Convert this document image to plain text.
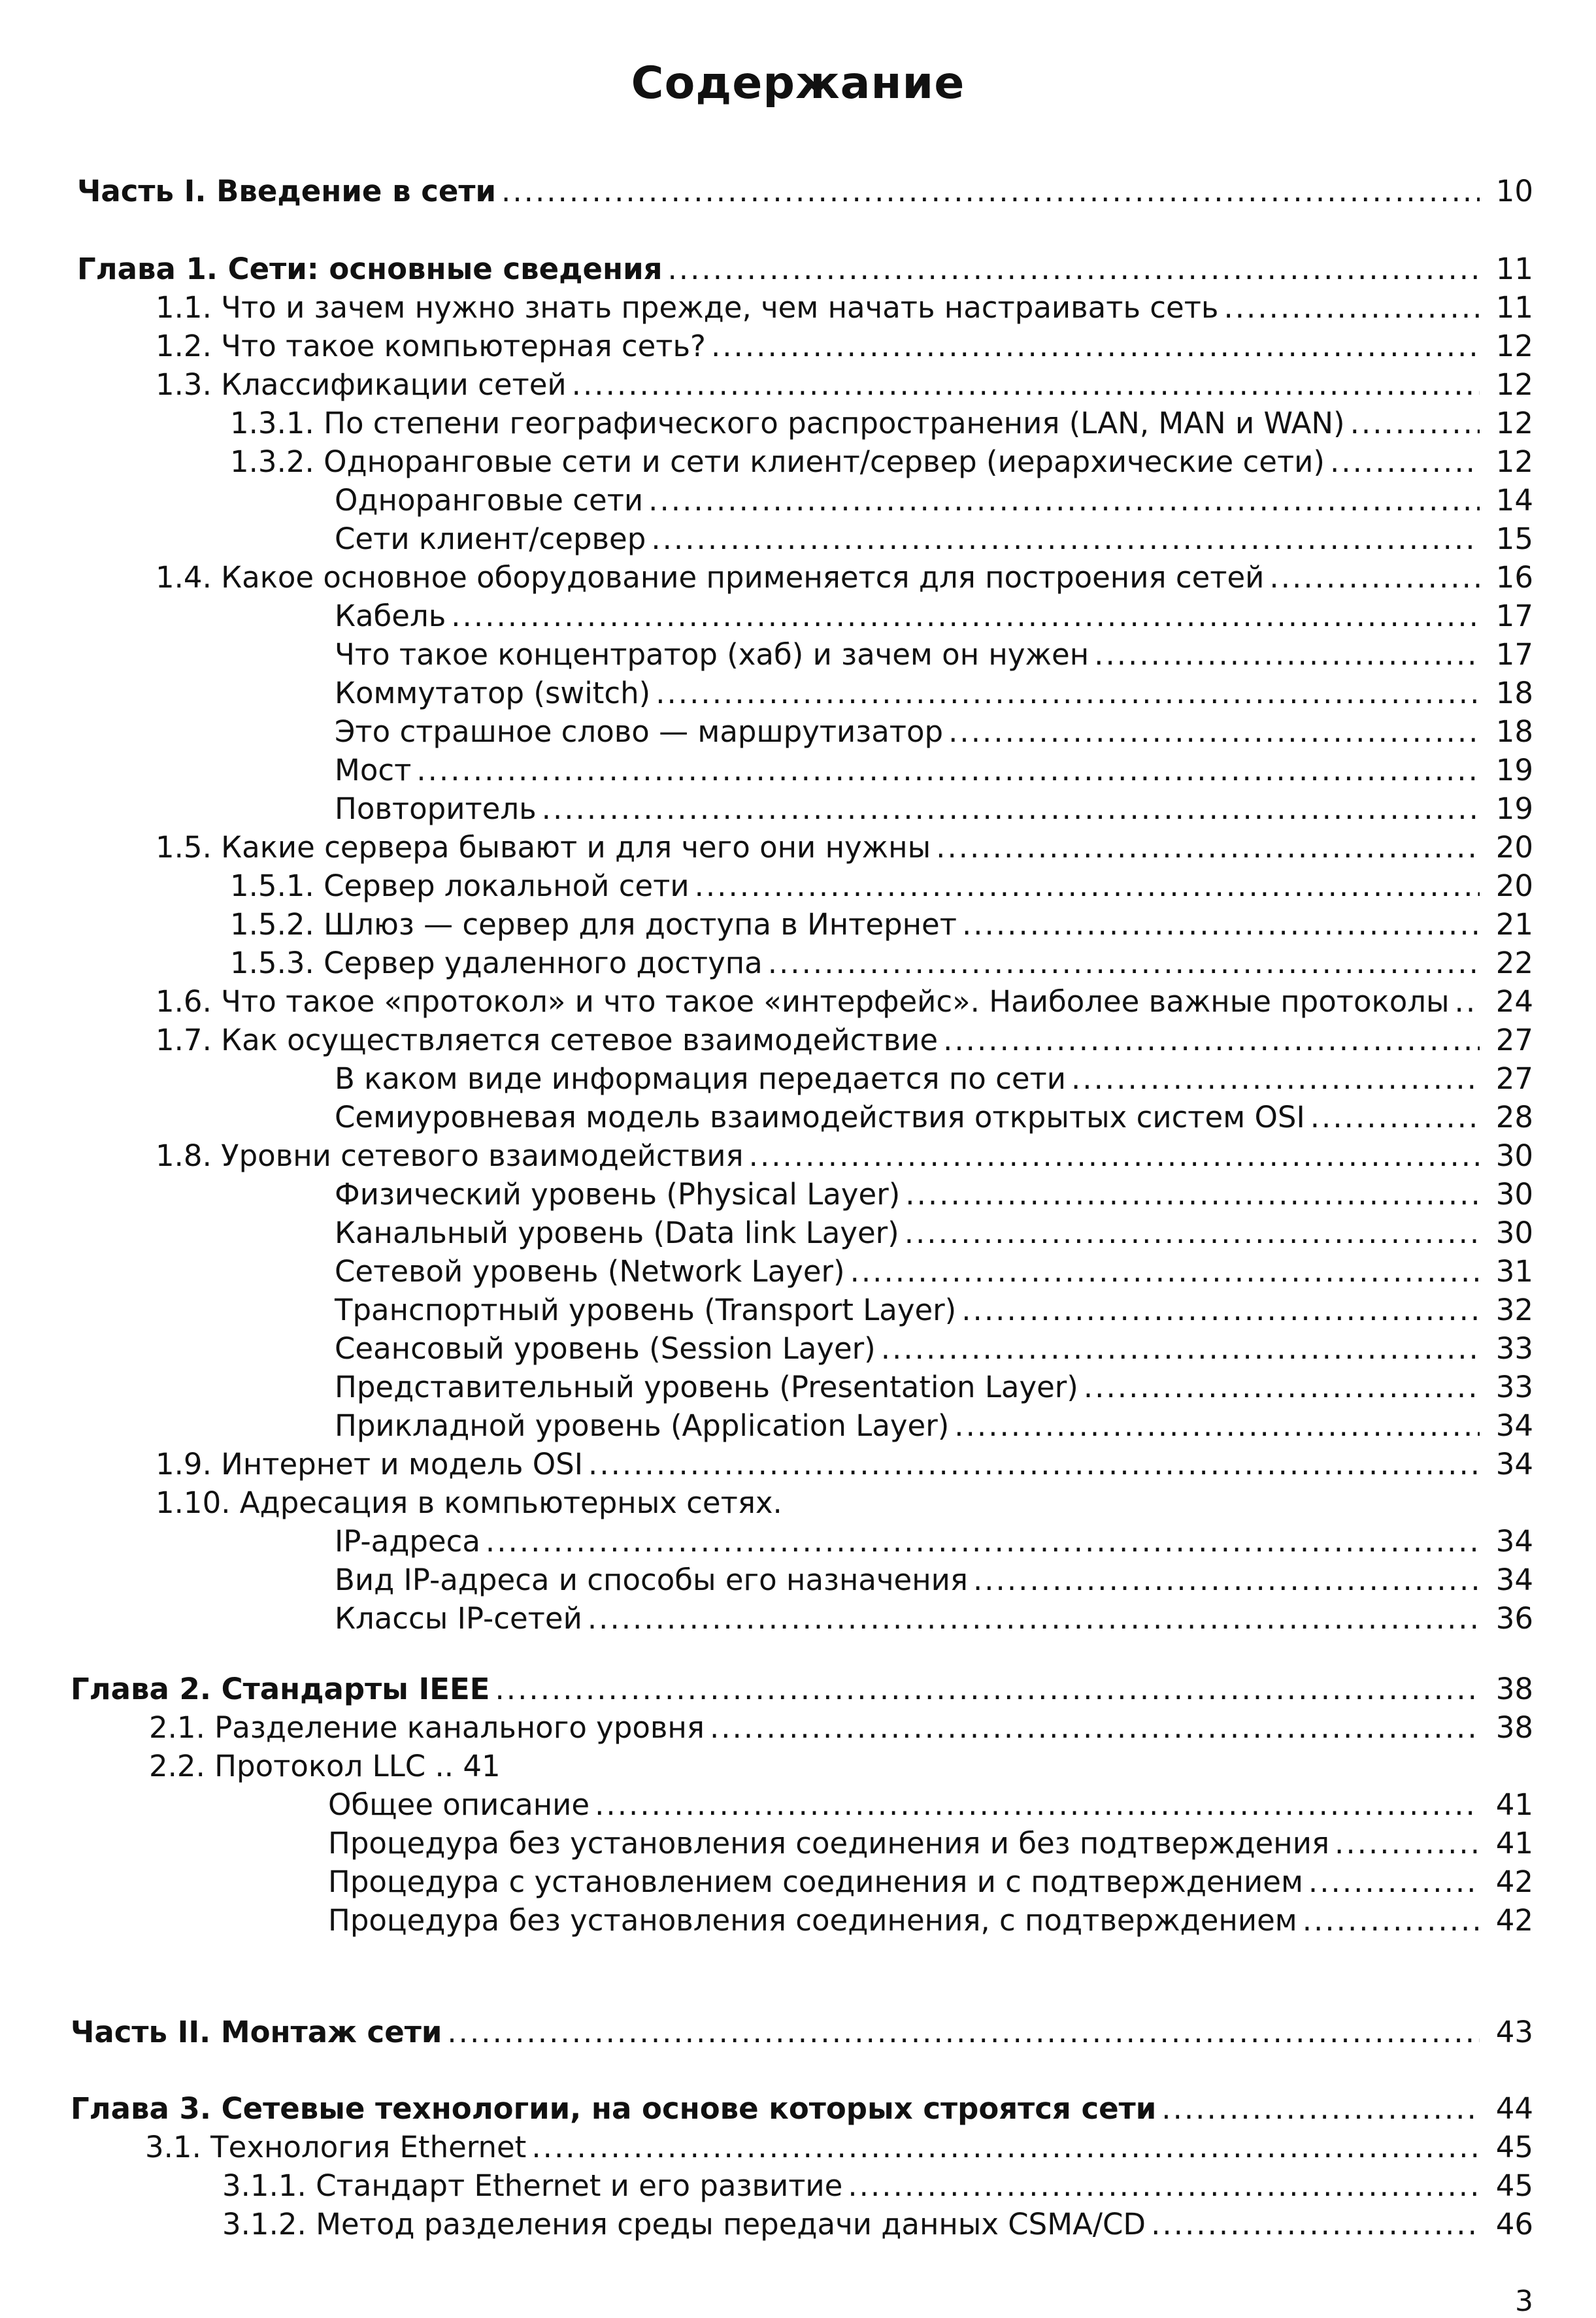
Содержание
Часть I. Введение в сети .....	10
Глава 1. Сети: основные сведения .....	11
1.1. Что и зачем нужно знать прежде, чем начать настраивать сеть .....	11
1.2. Что такое компьютерная сеть? .....	12
1.3. Классификации сетей .....	12
1.3.1. По степени географического распространения (LAN, MAN и WAN) .....	12
1.3.2. Одноранговые сети и сети клиент/сервер (иерархические сети) .....	12
Одноранговые сети .....	14
Сети клиент/сервер .....	15
1.4. Какое основное оборудование применяется для построения сетей .....	16
Кабель .....	17
Что такое концентратор (хаб) и зачем он нужен .....	17
Коммутатор (switch) .....	18
Это страшное слово — маршрутизатор .....	18
Мост .....	19
Повторитель .....	19
1.5. Какие сервера бывают и для чего они нужны .....	20
1.5.1. Сервер локальной сети .....	20
1.5.2. Шлюз — сервер для доступа в Интернет .....	21
1.5.3. Сервер удаленного доступа .....	22
1.6. Что такое «протокол» и что такое «интерфейс». Наиболее важные протоколы .....	24
1.7. Как осуществляется сетевое взаимодействие .....	27
В каком виде информация передается по сети .....	27
Семиуровневая модель взаимодействия открытых систем OSI .....	28
1.8. Уровни сетевого взаимодействия .....	30
Физический уровень (Physical Layer) .....	30
Канальный уровень (Data link Layer) .....	30
Сетевой уровень (Network Layer) .....	31
Транспортный уровень (Transport Layer) .....	32
Сеансовый уровень (Session Layer) .....	33
Представительный уровень (Presentation Layer) .....	33
Прикладной уровень (Application Layer) .....	34
1.9. Интернет и модель OSI .....	34
1.10. Адресация в компьютерных сетях.
IP-адреса .....	34
Вид IP-адреса и способы его назначения .....	34
Классы IP-сетей .....	36
Глава 2. Стандарты IEEE .....	38
2.1. Разделение канального уровня .....	38
2.2. Протокол LLC .. 41
Общее описание .....	41
Процедура без установления соединения и без подтверждения .....	41
Процедура с установлением соединения и с подтверждением .....	42
Процедура без установления соединения, с подтверждением .....	42
Часть II. Монтаж сети .....	43
Глава 3. Сетевые технологии, на основе которых строятся сети .....	44
3.1. Технология Ethernet .....	45
3.1.1. Стандарт Ethernet и его развитие .....	45
3.1.2. Метод разделения среды передачи данных CSMA/CD .....	46
3
